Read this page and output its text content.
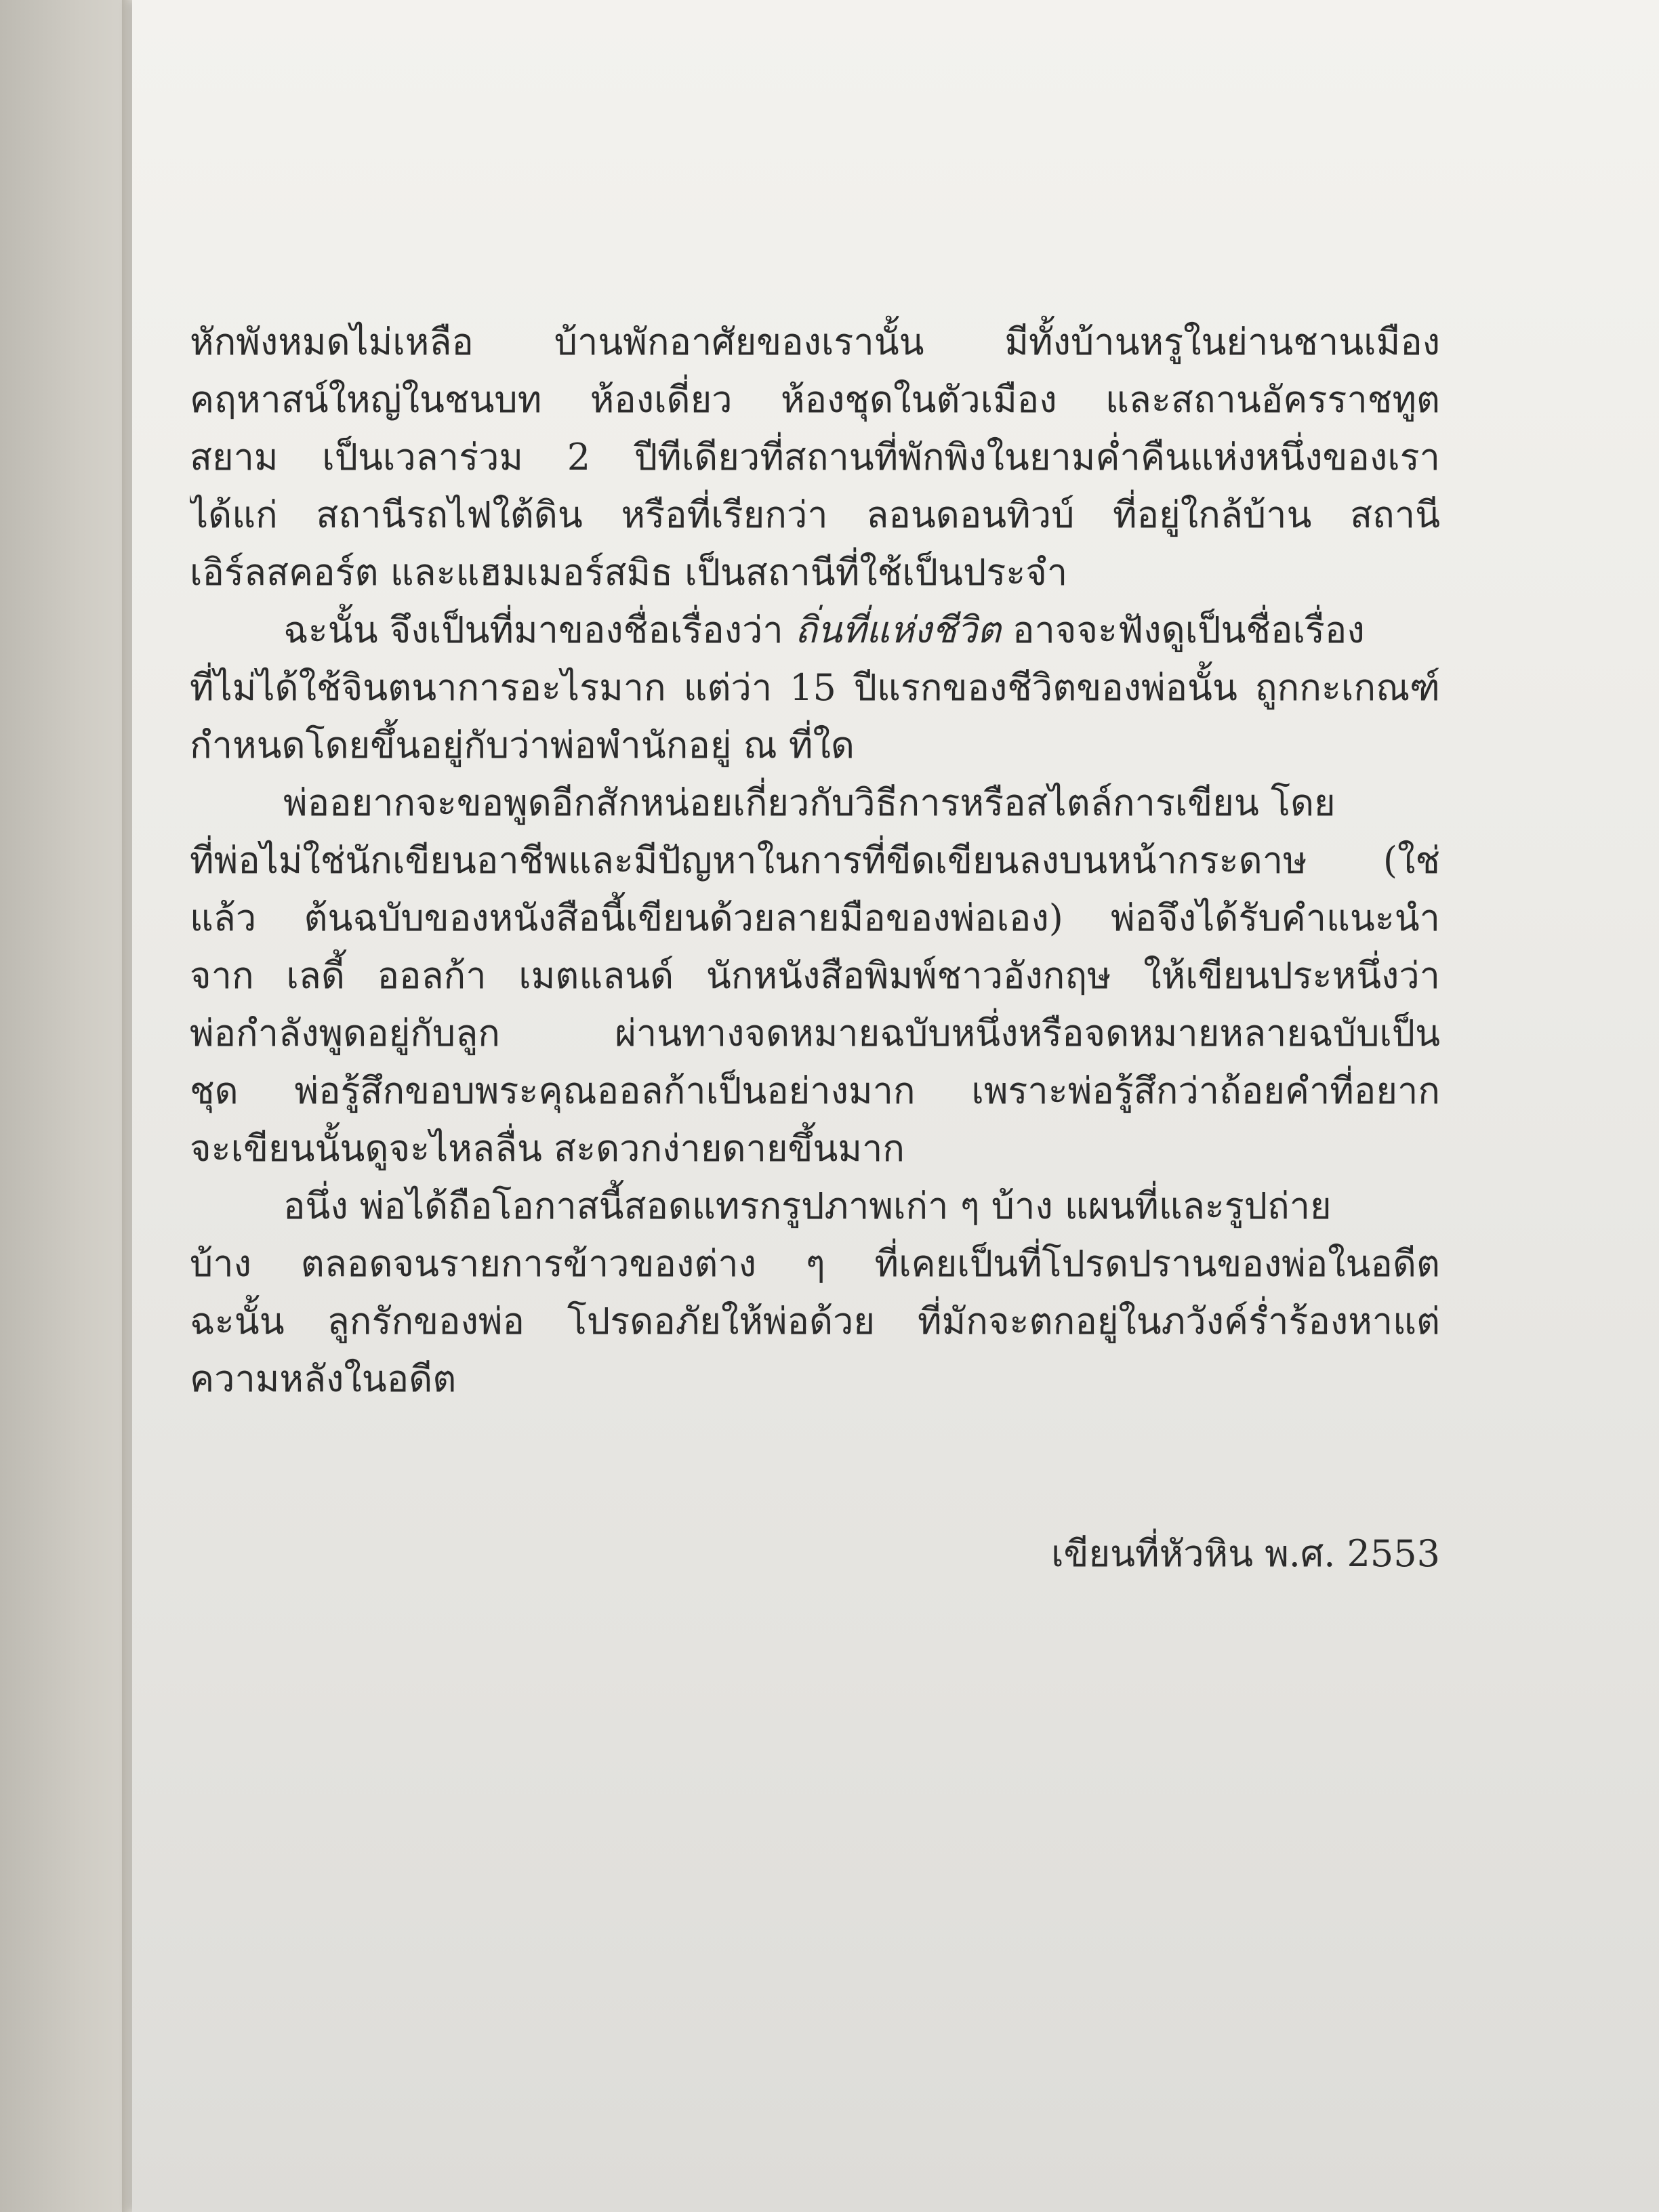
หักพังหมดไม่เหลือ บ้านพักอาศัยของเรานั้น มีทั้งบ้านหรูในย่านชานเมือง
คฤหาสน์ใหญ่ในชนบท ห้องเดี่ยว ห้องชุดในตัวเมือง และสถานอัครราชทูต
สยาม เป็นเวลาร่วม 2 ปีทีเดียวที่สถานที่พักพิงในยามค่ำคืนแห่งหนึ่งของเรา
ได้แก่ สถานีรถไฟใต้ดิน หรือที่เรียกว่า ลอนดอนทิวบ์ ที่อยู่ใกล้บ้าน สถานี
เอิร์ลสคอร์ต และแฮมเมอร์สมิธ เป็นสถานีที่ใช้เป็นประจำ
ฉะนั้น จึงเป็นที่มาของชื่อเรื่องว่า ถิ่นที่แห่งชีวิต อาจจะฟังดูเป็นชื่อเรื่อง
ที่ไม่ได้ใช้จินตนาการอะไรมาก แต่ว่า 15 ปีแรกของชีวิตของพ่อนั้น ถูกกะเกณฑ์
กำหนดโดยขึ้นอยู่กับว่าพ่อพำนักอยู่ ณ ที่ใด
พ่ออยากจะขอพูดอีกสักหน่อยเกี่ยวกับวิธีการหรือสไตล์การเขียน โดย
ที่พ่อไม่ใช่นักเขียนอาชีพและมีปัญหาในการที่ขีดเขียนลงบนหน้ากระดาษ (ใช่
แล้ว ต้นฉบับของหนังสือนี้เขียนด้วยลายมือของพ่อเอง) พ่อจึงได้รับคำแนะนำ
จาก เลดี้ ออลก้า เมตแลนด์ นักหนังสือพิมพ์ชาวอังกฤษ ให้เขียนประหนึ่งว่า
พ่อกำลังพูดอยู่กับลูก ผ่านทางจดหมายฉบับหนึ่งหรือจดหมายหลายฉบับเป็น
ชุด พ่อรู้สึกขอบพระคุณออลก้าเป็นอย่างมาก เพราะพ่อรู้สึกว่าถ้อยคำที่อยาก
จะเขียนนั้นดูจะไหลลื่น สะดวกง่ายดายขึ้นมาก
อนึ่ง พ่อได้ถือโอกาสนี้สอดแทรกรูปภาพเก่า ๆ บ้าง แผนที่และรูปถ่าย
บ้าง ตลอดจนรายการข้าวของต่าง ๆ ที่เคยเป็นที่โปรดปรานของพ่อในอดีต
ฉะนั้น ลูกรักของพ่อ โปรดอภัยให้พ่อด้วย ที่มักจะตกอยู่ในภวังค์ร่ำร้องหาแต่
ความหลังในอดีต
เขียนที่หัวหิน พ.ศ. 2553
